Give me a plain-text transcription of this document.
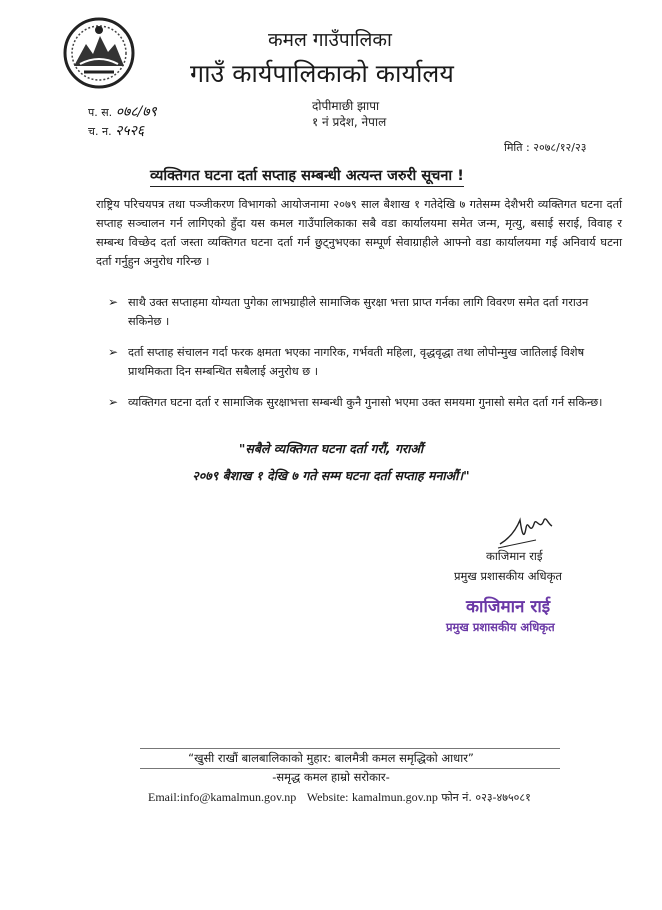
कमल गाउँपालिका
गाउँ कार्यपालिकाको कार्यालय
दोपीमाछी झापा
१ नं प्रदेश, नेपाल
प. स. ०७८/७९
च. न. २५२६
मिति : २०७८/१२/२३
व्यक्तिगत घटना दर्ता सप्ताह सम्बन्धी अत्यन्त जरुरी सूचना !
राष्ट्रिय परिचयपत्र तथा पञ्जीकरण विभागको आयोजनामा २०७९ साल बैशाख १ गतेदेखि ७ गतेसम्म देशैभरी व्यक्तिगत घटना दर्ता सप्ताह सञ्चालन गर्न लागिएको हुँदा यस कमल गाउँपालिकाका सबै वडा कार्यालयमा समेत जन्म, मृत्यु, बसाई सराई, विवाह र सम्बन्ध विच्छेद दर्ता जस्ता व्यक्तिगत घटना दर्ता गर्न छुट्नुभएका सम्पूर्ण सेवाग्राहीले आफ्नो वडा कार्यालयमा गई अनिवार्य घटना दर्ता गर्नुहुन अनुरोध गरिन्छ ।
➢ साथै उक्त सप्ताहमा योग्यता पुगेका लाभग्राहीले सामाजिक सुरक्षा भत्ता प्राप्त गर्नका लागि विवरण समेत दर्ता गराउन सकिनेछ ।
➢ दर्ता सप्ताह संचालन गर्दा फरक क्षमता भएका नागरिक, गर्भवती महिला, वृद्धवृद्धा तथा लोपोन्मुख जातिलाई विशेष प्राथमिकता दिन सम्बन्धित सबैलाई अनुरोध छ ।
➢ व्यक्तिगत घटना दर्ता र सामाजिक सुरक्षाभत्ता सम्बन्धी कुनै गुनासो भएमा उक्त समयमा गुनासो समेत दर्ता गर्न सकिन्छ।
"सबैले व्यक्तिगत घटना दर्ता गरौं, गराऔं
२०७९ बैशाख १ देखि ७ गते सम्म घटना दर्ता सप्ताह मनाऔं।"
काजिमान राई
प्रमुख प्रशासकीय अधिकृत
काजिमान राई
प्रमुख प्रशासकीय अधिकृत
“खुसी राखौं बालबालिकाको मुहार: बालमैत्री कमल समृद्धिको आधार”
-समृद्ध कमल हाम्रो सरोकार-
Email:info@kamalmun.gov.np Website: kamalmun.gov.np फोन नं. ०२३-४७५०८१
